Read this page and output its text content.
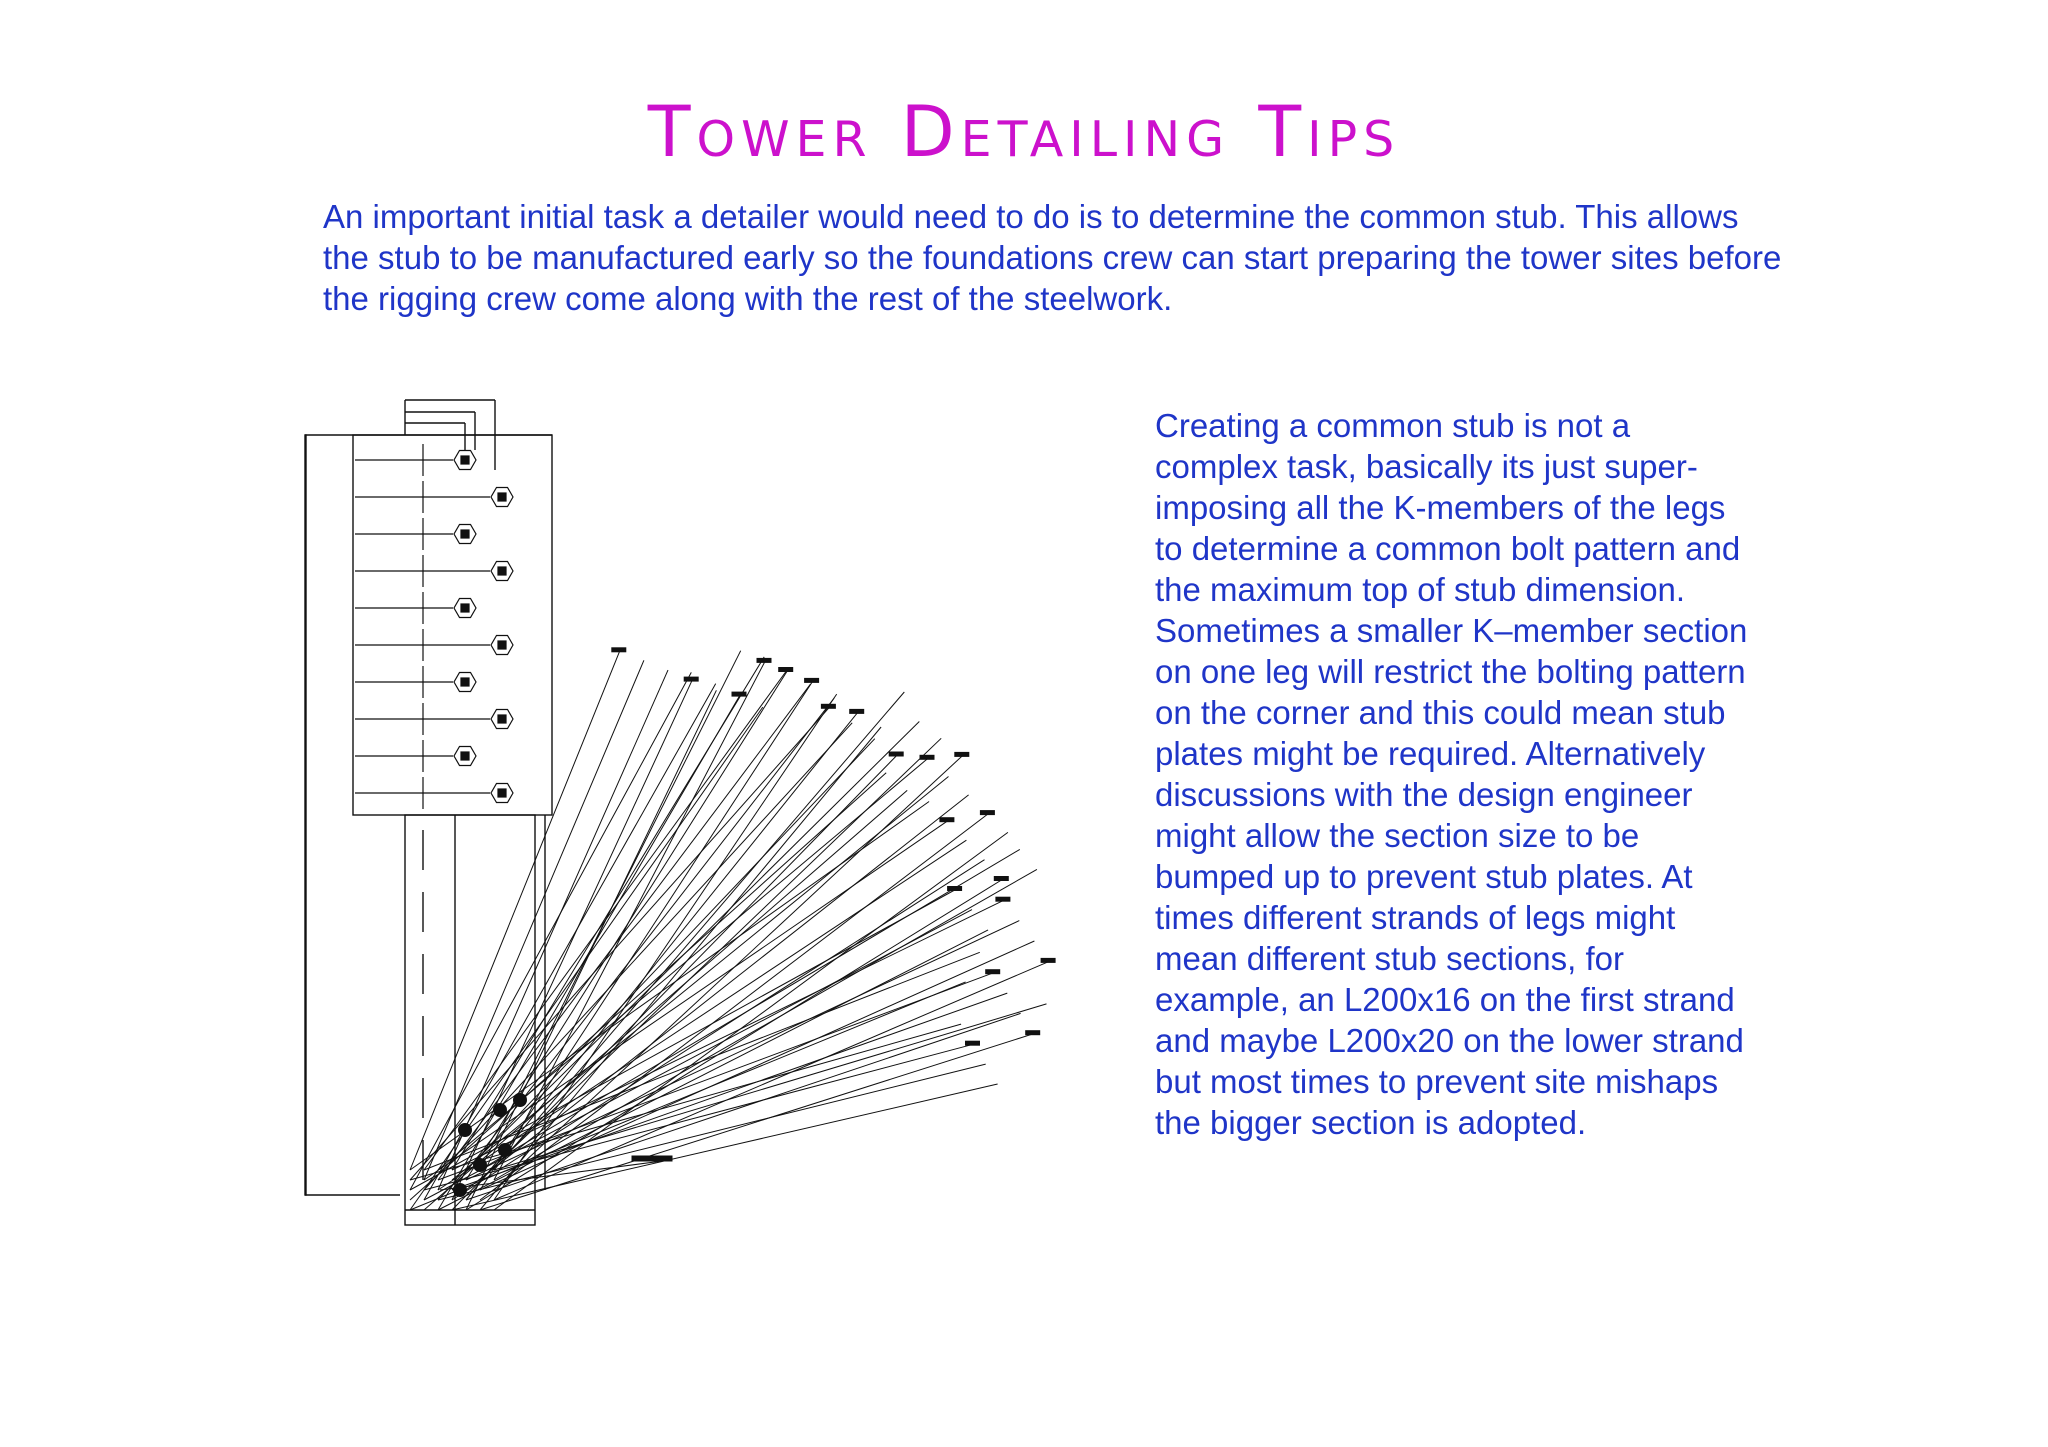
Tower Detailing Tips

An important initial task a detailer would need to do is to determine the common stub. This allows the stub to be manufactured early so the foundations crew can start preparing the tower sites before the rigging crew come along with the rest of the steelwork.

Creating a common stub is not a complex task, basically its just super-imposing all the K-members of the legs to determine a common bolt pattern and the maximum top of stub dimension. Sometimes a smaller K–member section on one leg will restrict the bolting pattern on the corner and this could mean stub plates might be required. Alternatively discussions with the design engineer might allow the section size to be bumped up to prevent stub plates. At times different strands of legs might mean different stub sections, for example, an L200x16 on the first strand and maybe L200x20 on the lower strand but most times to prevent site mishaps the bigger section is adopted.
